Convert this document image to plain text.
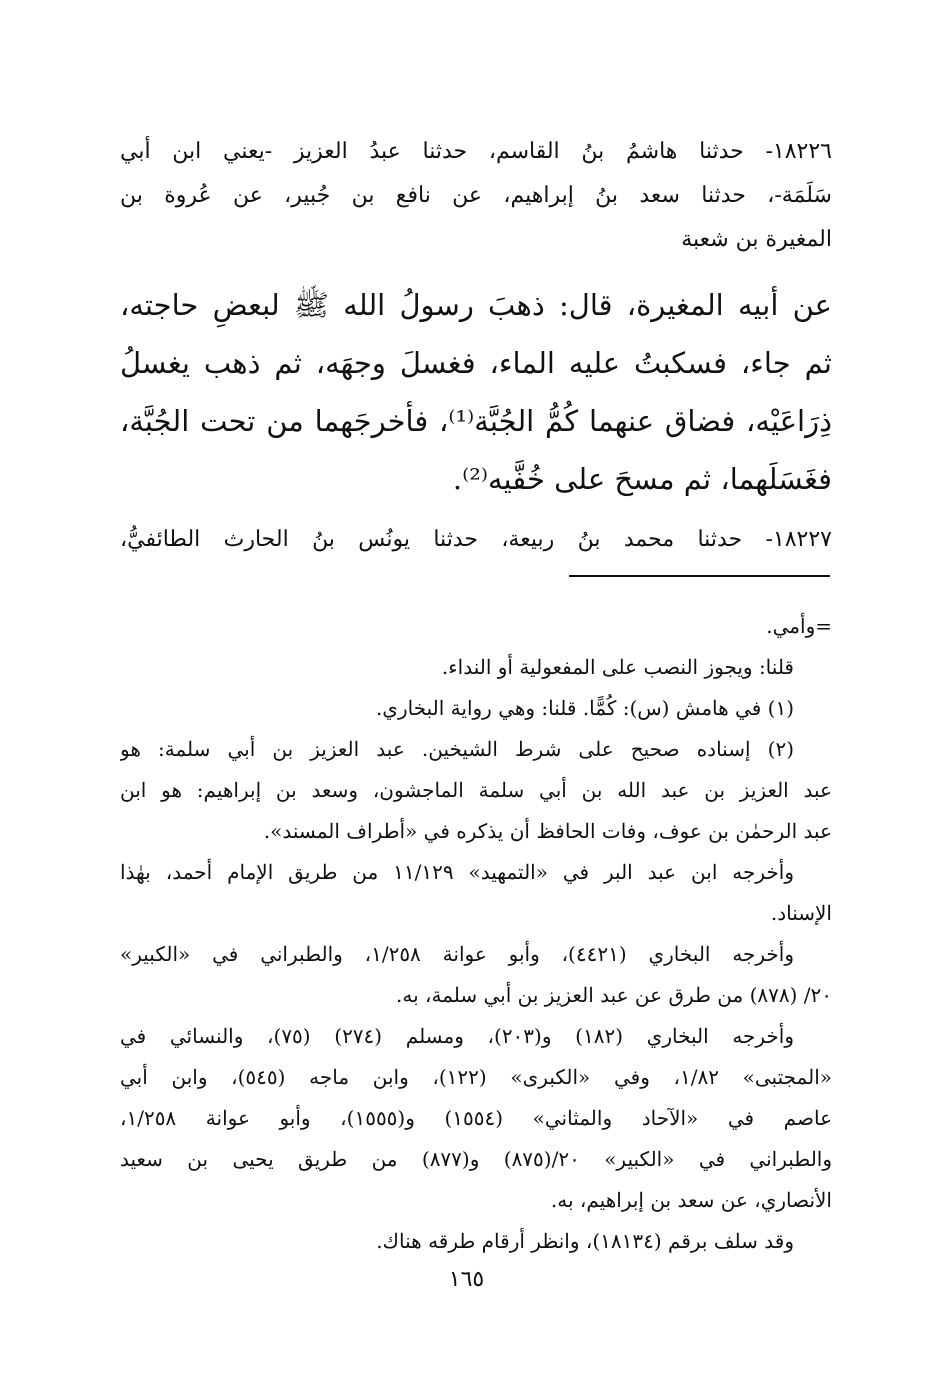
١٨٢٢٦- حدثنا هاشمُ بنُ القاسم، حدثنا عبدُ العزيز -يعني ابن أبي
سَلَمَة-، حدثنا سعد بنُ إبراهيم، عن نافع بن جُبير، عن عُروة بن
المغيرة بن شعبة
عن أبيه المغيرة، قال: ذهبَ رسولُ الله ﷺ لبعضِ حاجته،
ثم جاء، فسكبتُ عليه الماء، فغسلَ وجهَه، ثم ذهب يغسلُ
ذِرَاعَيْه، فضاق عنهما كُمُّ الجُبَّة⁽¹⁾، فأخرجَهما من تحت الجُبَّة،
فغَسَلَهما، ثم مسحَ على خُفَّيه⁽²⁾.
١٨٢٢٧- حدثنا محمد بنُ ربيعة، حدثنا يونُس بنُ الحارث الطائفيُّ،
=وأمي.
قلنا: ويجوز النصب على المفعولية أو النداء.
(١) في هامش (س): كُمًّا. قلنا: وهي رواية البخاري.
(٢) إسناده صحيح على شرط الشيخين. عبد العزيز بن أبي سلمة: هو
عبد العزيز بن عبد الله بن أبي سلمة الماجشون، وسعد بن إبراهيم: هو ابن
عبد الرحمٰن بن عوف، وفات الحافظ أن يذكره في «أطراف المسند».
وأخرجه ابن عبد البر في «التمهيد» ١١/١٢٩ من طريق الإمام أحمد، بهٰذا
الإسناد.
وأخرجه البخاري (٤٤٢١)، وأبو عوانة ١/٢٥٨، والطبراني في «الكبير»
٢٠/ (٨٧٨) من طرق عن عبد العزيز بن أبي سلمة، به.
وأخرجه البخاري (١٨٢) و(٢٠٣)، ومسلم (٢٧٤) (٧٥)، والنسائي في
«المجتبى» ١/٨٢، وفي «الكبرى» (١٢٢)، وابن ماجه (٥٤٥)، وابن أبي
عاصم في «الآحاد والمثاني» (١٥٥٤) و(١٥٥٥)، وأبو عوانة ١/٢٥٨،
والطبراني في «الكبير» ٢٠/(٨٧٥) و(٨٧٧) من طريق يحيى بن سعيد
الأنصاري، عن سعد بن إبراهيم، به.
وقد سلف برقم (١٨١٣٤)، وانظر أرقام طرقه هناك.
١٦٥
